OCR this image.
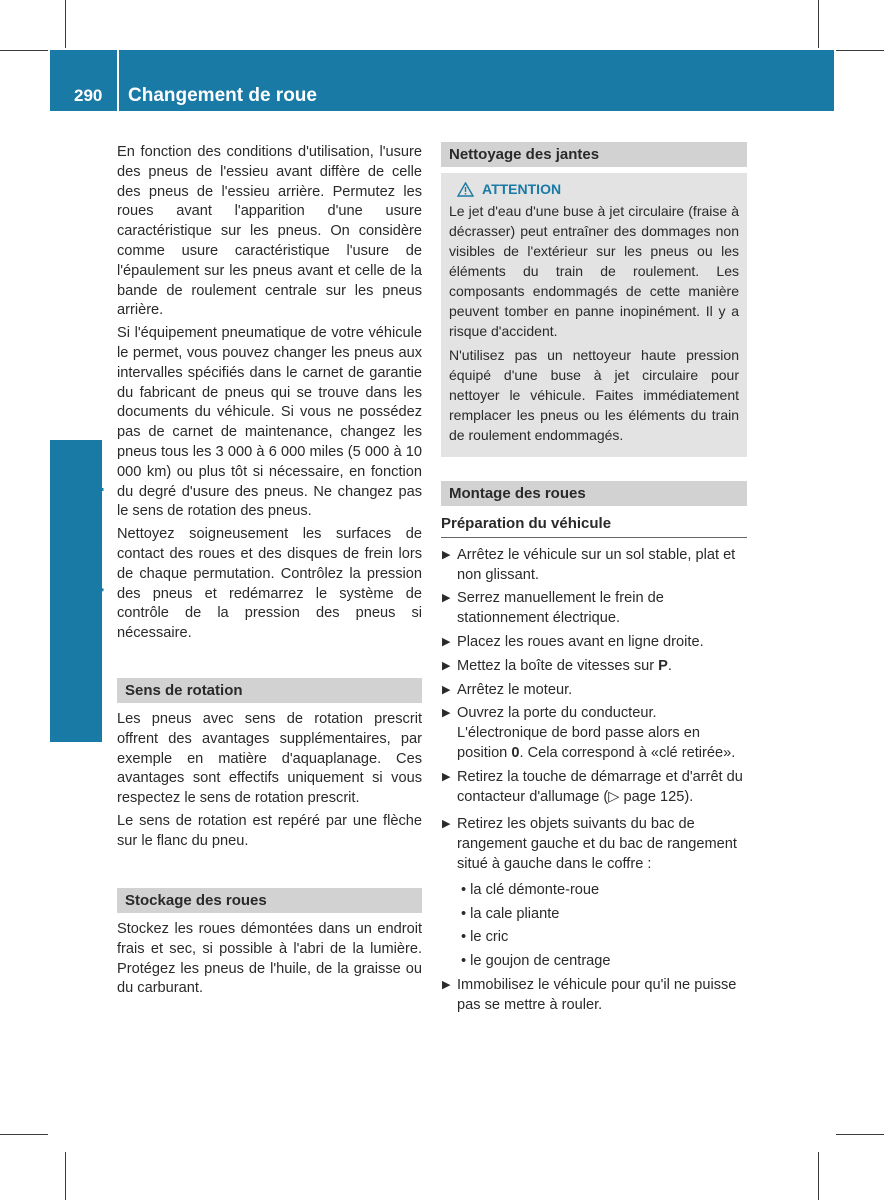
290 Changement de roue
Jantes et pneumatiques

En fonction des conditions d'utilisation, l'usure des pneus de l'essieu avant diffère de celle des pneus de l'essieu arrière. Permutez les roues avant l'apparition d'une usure caractéristique sur les pneus. On considère comme usure caractéristique l'usure de l'épaulement sur les pneus avant et celle de la bande de roulement centrale sur les pneus arrière.

Si l'équipement pneumatique de votre véhicule le permet, vous pouvez changer les pneus aux intervalles spécifiés dans le carnet de garantie du fabricant de pneus qui se trouve dans les documents du véhicule. Si vous ne possédez pas de carnet de maintenance, changez les pneus tous les 3 000 à 6 000 miles (5 000 à 10 000 km) ou plus tôt si nécessaire, en fonction du degré d'usure des pneus. Ne changez pas le sens de rotation des pneus.

Nettoyez soigneusement les surfaces de contact des roues et des disques de frein lors de chaque permutation. Contrôlez la pression des pneus et redémarrez le système de contrôle de la pression des pneus si nécessaire.

Sens de rotation

Les pneus avec sens de rotation prescrit offrent des avantages supplémentaires, par exemple en matière d'aquaplanage. Ces avantages sont effectifs uniquement si vous respectez le sens de rotation prescrit.

Le sens de rotation est repéré par une flèche sur le flanc du pneu.

Stockage des roues

Stockez les roues démontées dans un endroit frais et sec, si possible à l'abri de la lumière. Protégez les pneus de l'huile, de la graisse ou du carburant.

Nettoyage des jantes
ATTENTION

Le jet d'eau d'une buse à jet circulaire (fraise à décrasser) peut entraîner des dommages non visibles de l'extérieur sur les pneus ou les éléments du train de roulement. Les composants endommagés de cette manière peuvent tomber en panne inopinément. Il y a risque d'accident.

N'utilisez pas un nettoyeur haute pression équipé d'une buse à jet circulaire pour nettoyer le véhicule. Faites immédiatement remplacer les pneus ou les éléments du train de roulement endommagés.

Montage des roues
Préparation du véhicule
▶ Arrêtez le véhicule sur un sol stable, plat et non glissant.
▶ Serrez manuellement le frein de stationnement électrique.
▶ Placez les roues avant en ligne droite.
▶ Mettez la boîte de vitesses sur P.
▶ Arrêtez le moteur.
▶ Ouvrez la porte du conducteur. L'électronique de bord passe alors en position 0. Cela correspond à «clé retirée».
▶ Retirez la touche de démarrage et d'arrêt du contacteur d'allumage (▷ page 125).
▶ Retirez les objets suivants du bac de rangement gauche et du bac de rangement situé à gauche dans le coffre :
• la clé démonte-roue
• la cale pliante
• le cric
• le goujon de centrage
▶ Immobilisez le véhicule pour qu'il ne puisse pas se mettre à rouler.
